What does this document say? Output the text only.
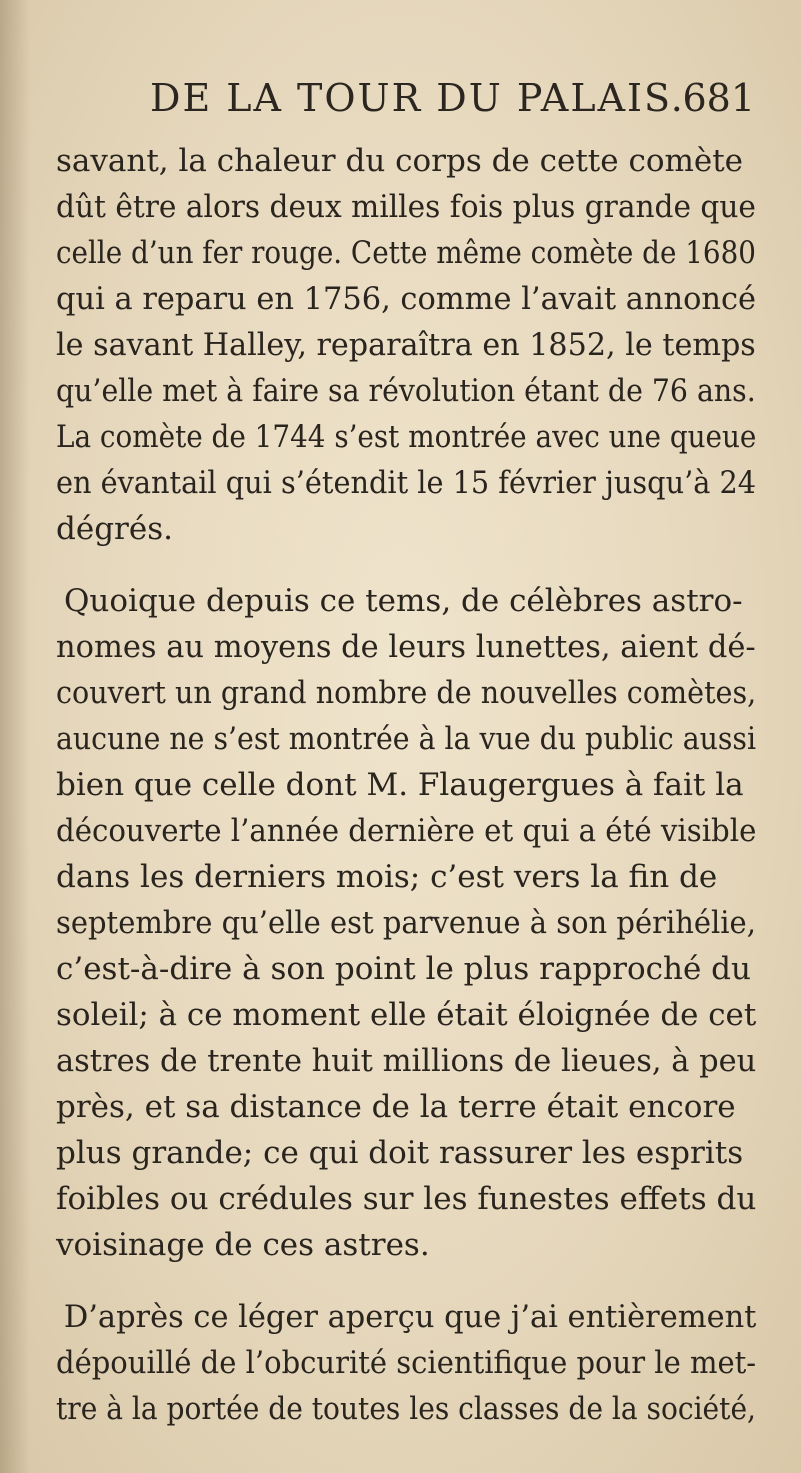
DE LA TOUR DU PALAIS.
681
savant, la chaleur du corps de cette comète
dût être alors deux milles fois plus grande que
celle d’un fer rouge. Cette même comète de 1680
qui a reparu en 1756, comme l’avait annoncé
le savant Halley, reparaîtra en 1852, le temps
qu’elle met à faire sa révolution étant de 76 ans.
La comète de 1744 s’est montrée avec une queue
en évantail qui s’étendit le 15 février jusqu’à 24
dégrés.
Quoique depuis ce tems, de célèbres astro-
nomes au moyens de leurs lunettes, aient dé-
couvert un grand nombre de nouvelles comètes,
aucune ne s’est montrée à la vue du public aussi
bien que celle dont M. Flaugergues à fait la
découverte l’année dernière et qui a été visible
dans les derniers mois; c’est vers la fin de
septembre qu’elle est parvenue à son périhélie,
c’est-à-dire à son point le plus rapproché du
soleil; à ce moment elle était éloignée de cet
astres de trente huit millions de lieues, à peu
près, et sa distance de la terre était encore
plus grande; ce qui doit rassurer les esprits
foibles ou crédules sur les funestes effets du
voisinage de ces astres.
D’après ce léger aperçu que j’ai entièrement
dépouillé de l’obcurité scientifique pour le met-
tre à la portée de toutes les classes de la société,
